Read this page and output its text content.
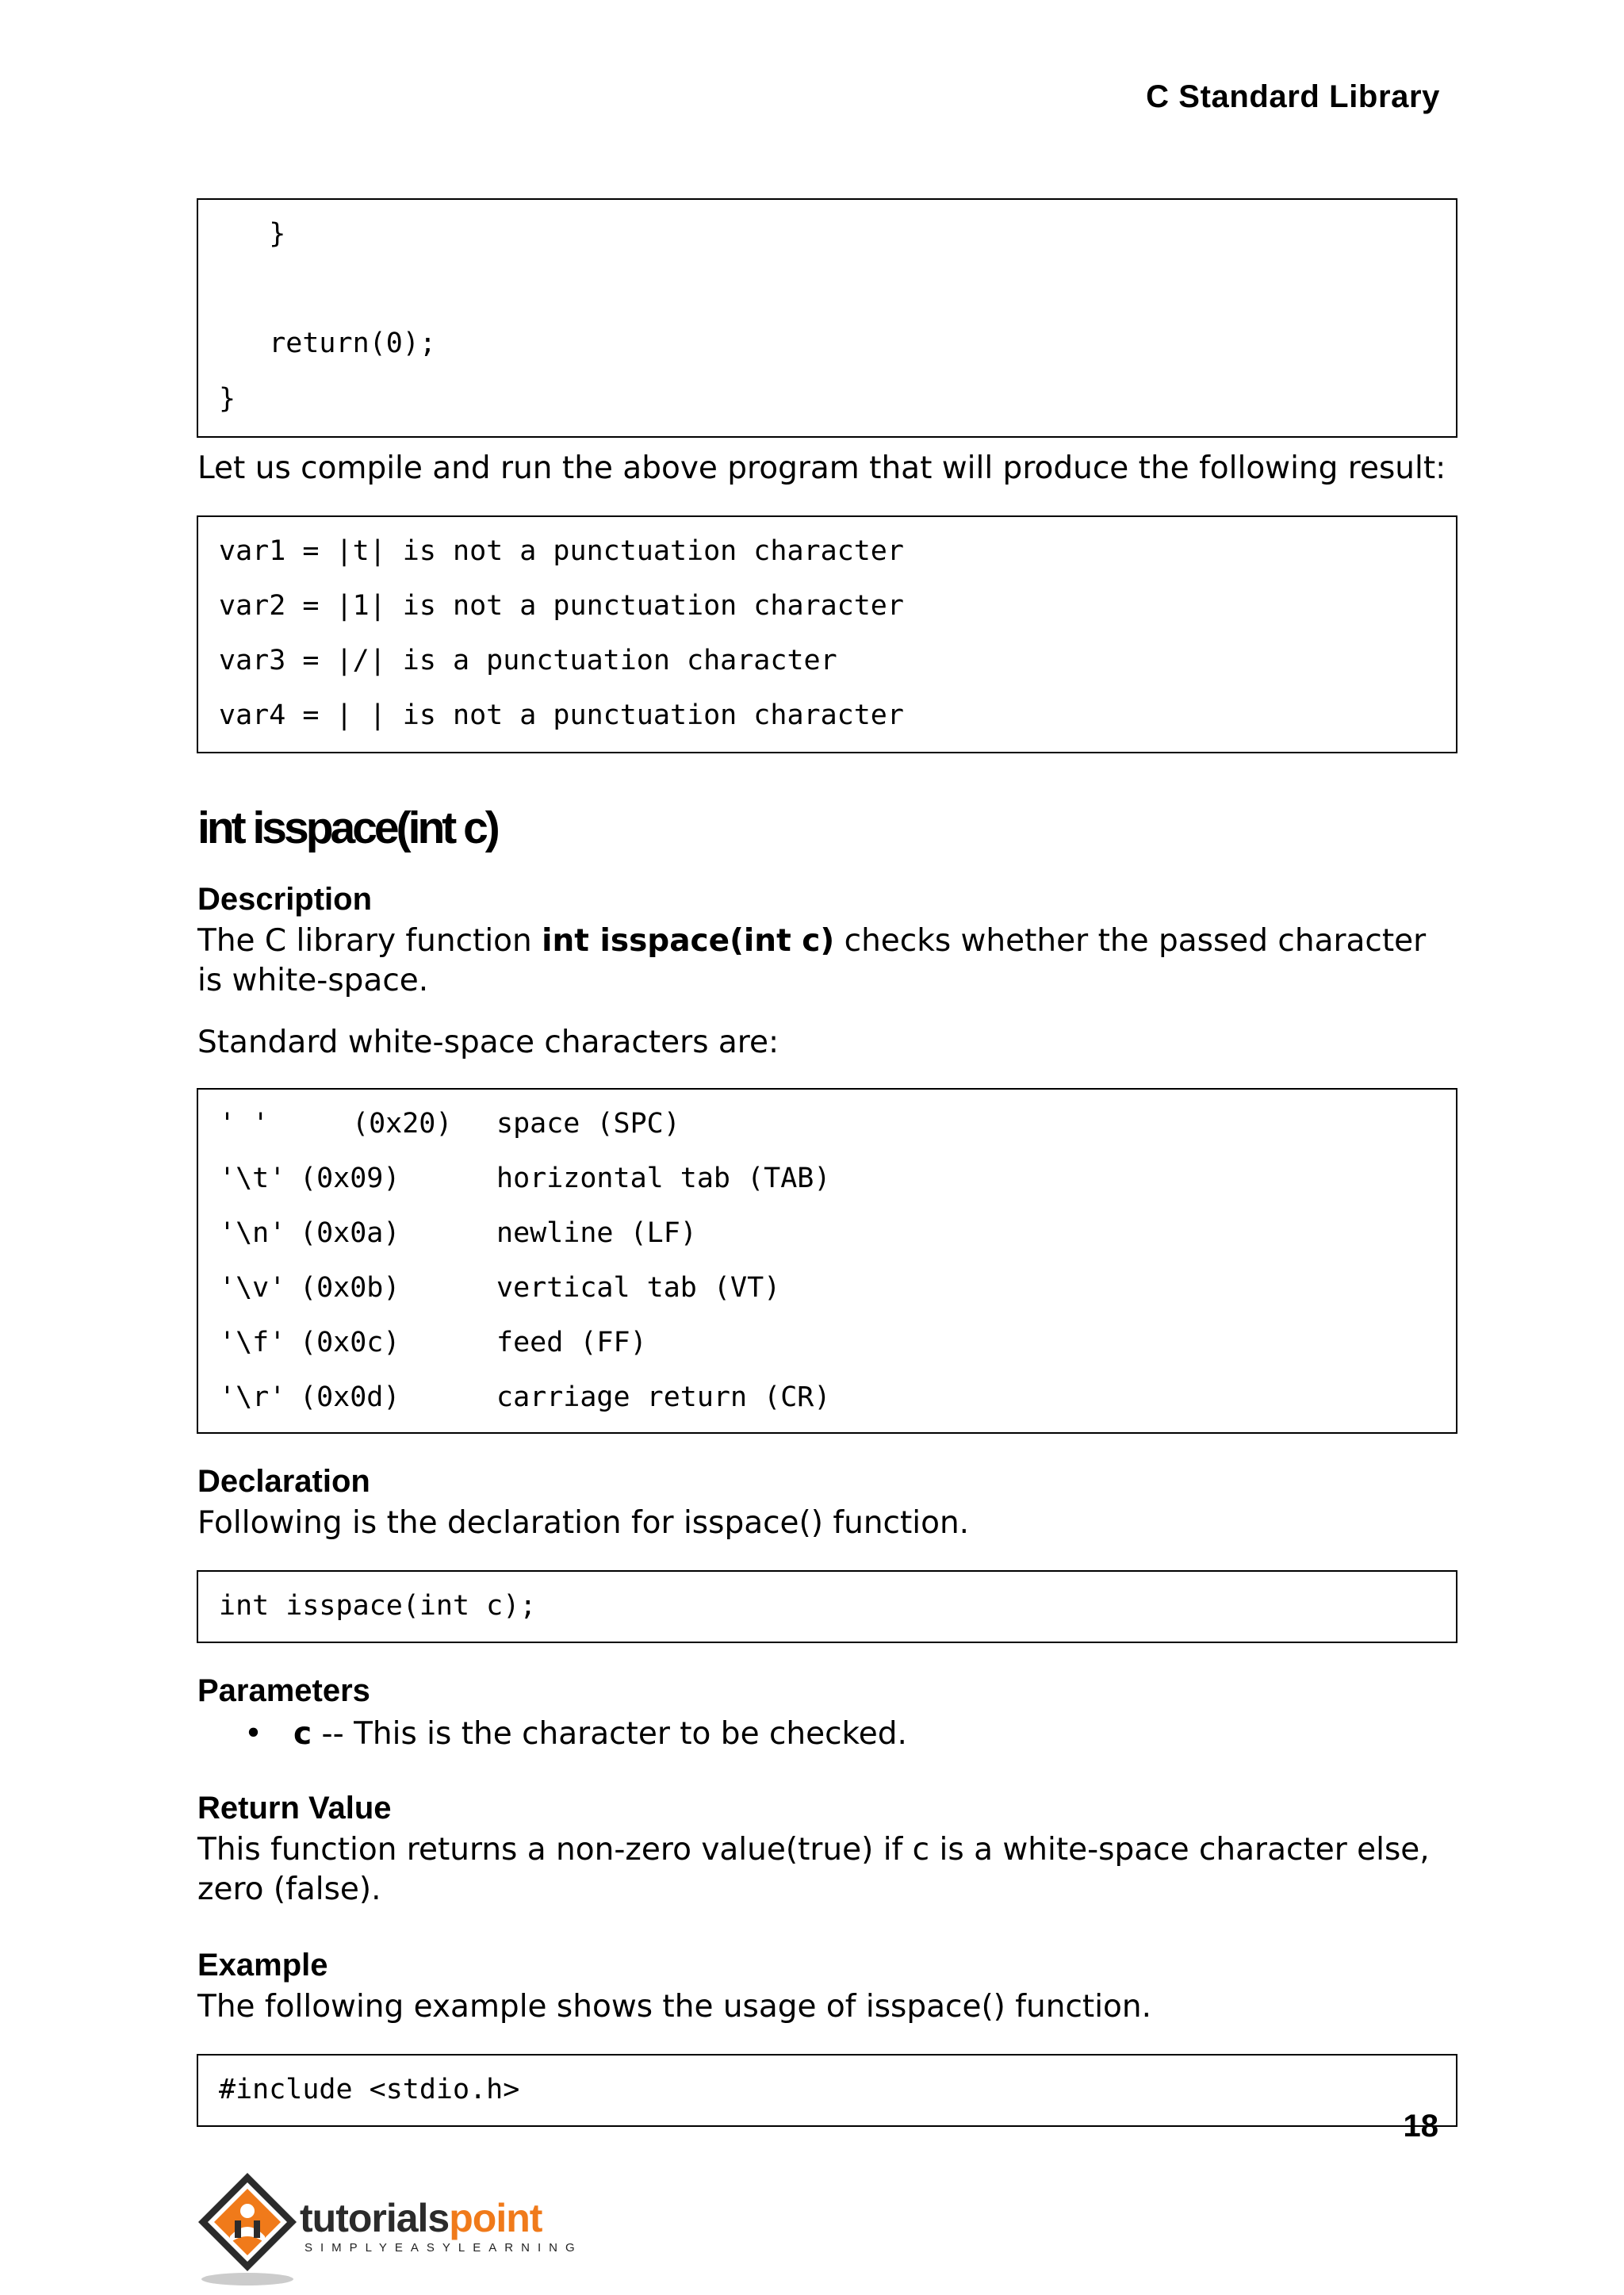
C Standard Library
}
return(0);
}
Let us compile and run the above program that will produce the following result:
var1 = |t| is not a punctuation character
var2 = |1| is not a punctuation character
var3 = |/| is a punctuation character
var4 = | | is not a punctuation character
int isspace(int c)
Description
The C library function int isspace(int c) checks whether the passed character is white-space.
Standard white-space characters are:
' '	(0x20) space (SPC)
'\t' (0x09)	horizontal tab (TAB)
'\n' (0x0a)	newline (LF)
'\v' (0x0b)	vertical tab (VT)
'\f' (0x0c)	feed (FF)
'\r' (0x0d)	carriage return (CR)
Declaration
Following is the declaration for isspace() function.
int isspace(int c);
Parameters
• c -- This is the character to be checked.
Return Value
This function returns a non-zero value(true) if c is a white-space character else, zero (false).
Example
The following example shows the usage of isspace() function.
#include <stdio.h>
18
tutorialspoint
SIMPLYEASYLEARNING
